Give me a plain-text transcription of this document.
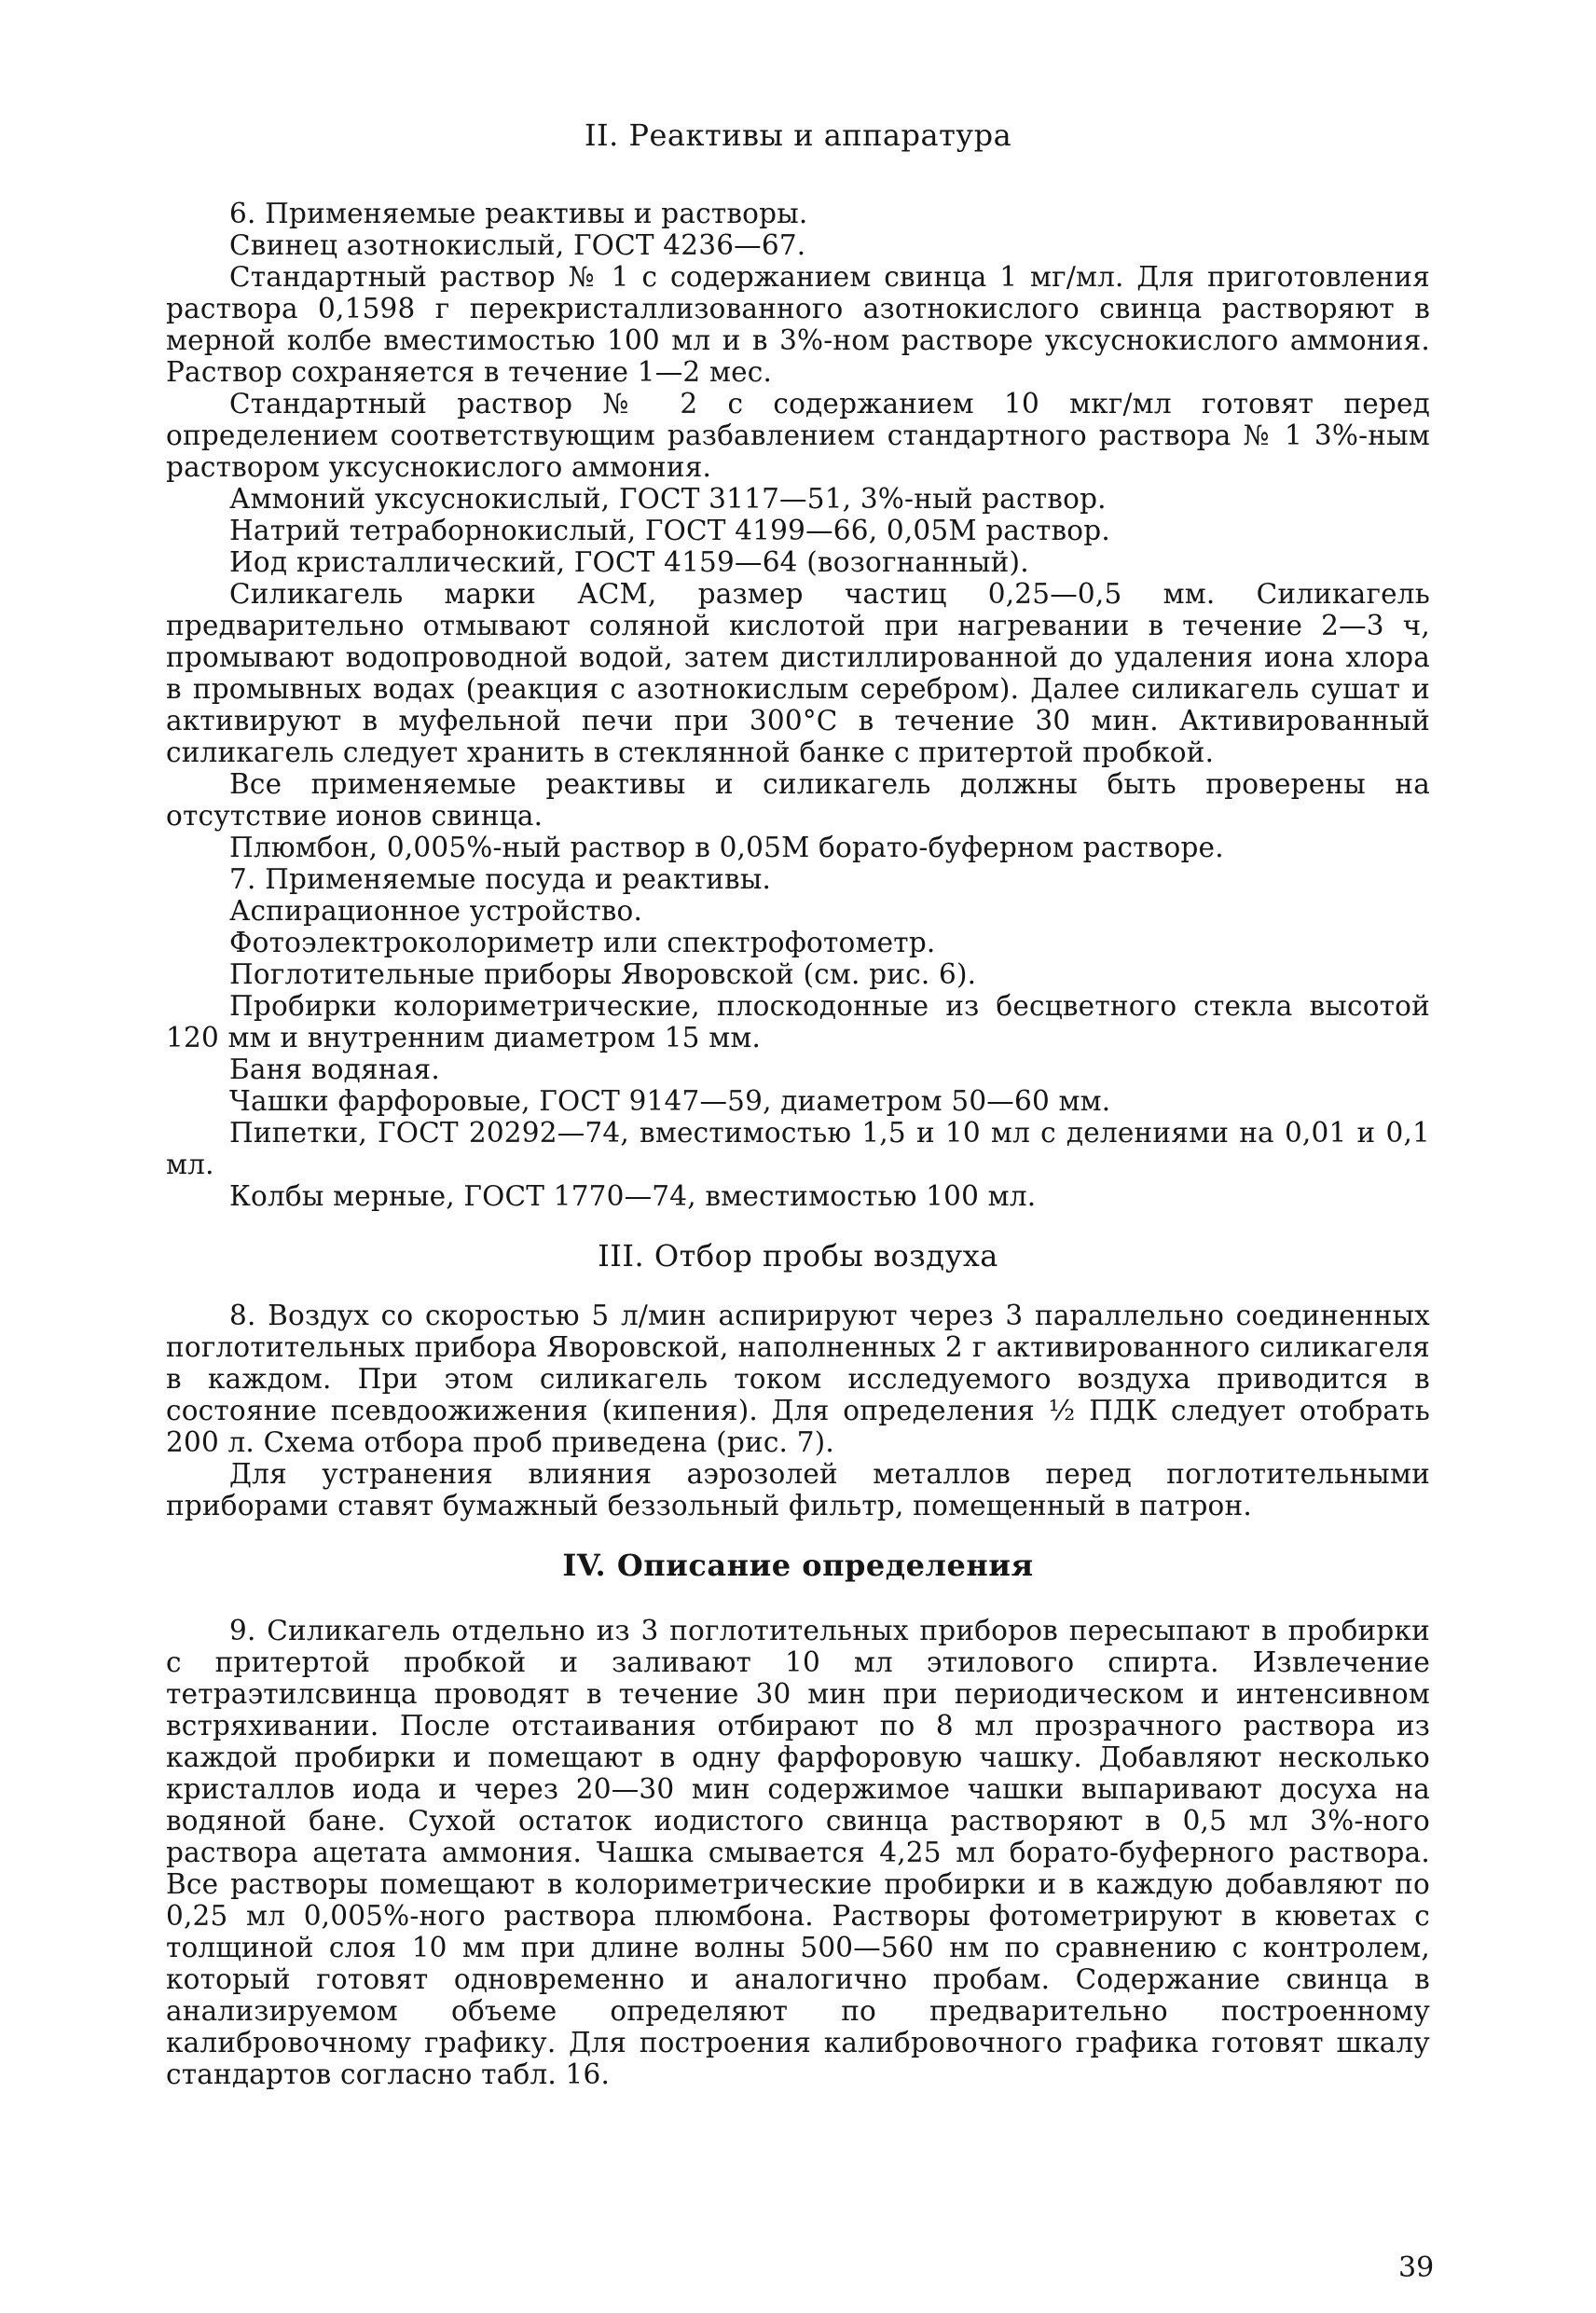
II. Реактивы и аппаратура

6. Применяемые реактивы и растворы.

Свинец азотнокислый, ГОСТ 4236—67.

Стандартный раствор № 1 с содержанием свинца 1 мг/мл. Для приготовления раствора 0,1598 г перекристаллизованного азотнокислого свинца растворяют в мерной колбе вместимостью 100 мл и в 3%-ном растворе уксуснокислого аммония. Раствор сохраняется в течение 1—2 мес.

Стандартный раствор № 2 с содержанием 10 мкг/мл готовят перед определением соответствующим разбавлением стандартного раствора № 1 3%-ным раствором уксуснокислого аммония.

Аммоний уксуснокислый, ГОСТ 3117—51, 3%-ный раствор.

Натрий тетраборнокислый, ГОСТ 4199—66, 0,05М раствор.

Иод кристаллический, ГОСТ 4159—64 (возогнанный).

Силикагель марки АСМ, размер частиц 0,25—0,5 мм. Силикагель предварительно отмывают соляной кислотой при нагревании в течение 2—3 ч, промывают водопроводной водой, затем дистиллированной до удаления иона хлора в промывных водах (реакция с азотнокислым серебром). Далее силикагель сушат и активируют в муфельной печи при 300°С в течение 30 мин. Активированный силикагель следует хранить в стеклянной банке с притертой пробкой.

Все применяемые реактивы и силикагель должны быть проверены на отсутствие ионов свинца.

Плюмбон, 0,005%-ный раствор в 0,05М борато-буферном растворе.

7. Применяемые посуда и реактивы.

Аспирационное устройство.

Фотоэлектроколориметр или спектрофотометр.

Поглотительные приборы Яворовской (см. рис. 6).

Пробирки колориметрические, плоскодонные из бесцветного стекла высотой 120 мм и внутренним диаметром 15 мм.

Баня водяная.

Чашки фарфоровые, ГОСТ 9147—59, диаметром 50—60 мм.

Пипетки, ГОСТ 20292—74, вместимостью 1,5 и 10 мл с делениями на 0,01 и 0,1 мл.

Колбы мерные, ГОСТ 1770—74, вместимостью 100 мл.

III. Отбор пробы воздуха

8. Воздух со скоростью 5 л/мин аспирируют через 3 параллельно соединенных поглотительных прибора Яворовской, наполненных 2 г активированного силикагеля в каждом. При этом силикагель током исследуемого воздуха приводится в состояние псевдоожижения (кипения). Для определения ½ ПДК следует отобрать 200 л. Схема отбора проб приведена (рис. 7).

Для устранения влияния аэрозолей металлов перед поглотительными приборами ставят бумажный беззольный фильтр, помещенный в патрон.

IV. Описание определения

9. Силикагель отдельно из 3 поглотительных приборов пересыпают в пробирки с притертой пробкой и заливают 10 мл этилового спирта. Извлечение тетраэтилсвинца проводят в течение 30 мин при периодическом и интенсивном встряхивании. После отстаивания отбирают по 8 мл прозрачного раствора из каждой пробирки и помещают в одну фарфоровую чашку. Добавляют несколько кристаллов иода и через 20—30 мин содержимое чашки выпаривают досуха на водяной бане. Сухой остаток иодистого свинца растворяют в 0,5 мл 3%-ного раствора ацетата аммония. Чашка смывается 4,25 мл борато-буферного раствора. Все растворы помещают в колориметрические пробирки и в каждую добавляют по 0,25 мл 0,005%-ного раствора плюмбона. Растворы фотометрируют в кюветах с толщиной слоя 10 мм при длине волны 500—560 нм по сравнению с контролем, который готовят одновременно и аналогично пробам. Содержание свинца в анализируемом объеме определяют по предварительно построенному калибровочному графику. Для построения калибровочного графика готовят шкалу стандартов согласно табл. 16.

39
